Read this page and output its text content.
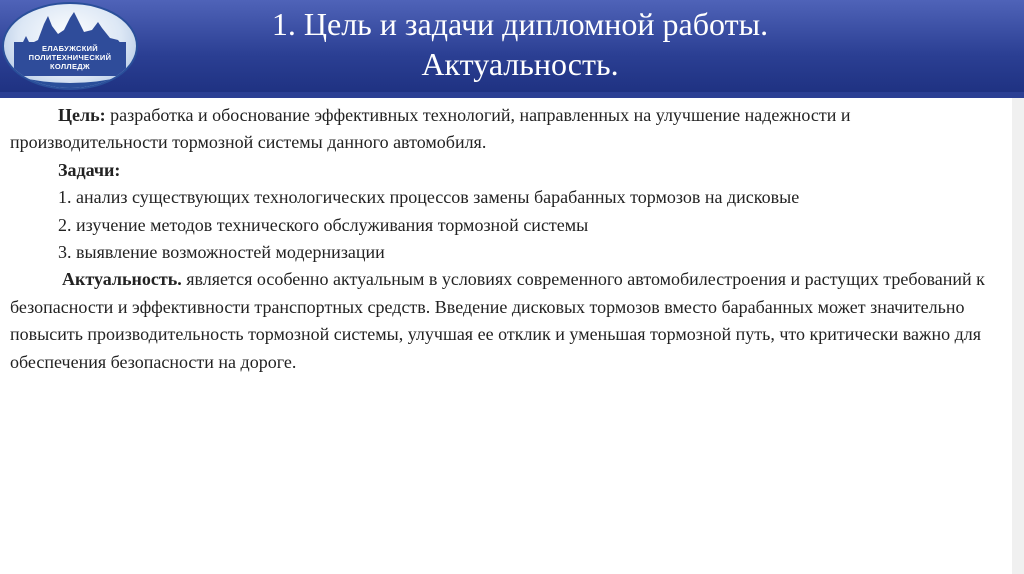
ЕЛАБУЖСКИЙ
ПОЛИТЕХНИЧЕСКИЙ
КОЛЛЕДЖ
1. Цель и задачи дипломной работы.
Актуальность.

Цель: разработка и обоснование эффективных технологий, направленных на улучшение надежности и производительности тормозной системы данного автомобиля.

Задачи:

1. анализ существующих технологических процессов замены барабанных тормозов на дисковые

2. изучение методов технического обслуживания тормозной системы

3. выявление возможностей модернизации

Актуальность. является особенно актуальным в условиях современного автомобилестроения и растущих требований к безопасности и эффективности транспортных средств. Введение дисковых тормозов вместо барабанных может значительно повысить производительность тормозной системы, улучшая ее отклик и уменьшая тормозной путь, что критически важно для обеспечения безопасности на дороге.
